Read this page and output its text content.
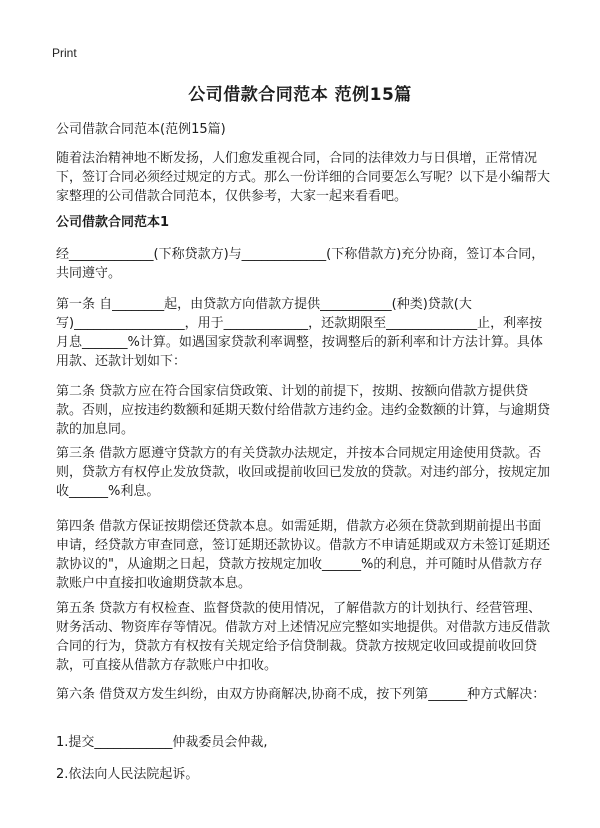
Print
公司借款合同范本 范例15篇

公司借款合同范本(范例15篇)

随着法治精神地不断发扬，人们愈发重视合同，合同的法律效力与日俱增，正常情况下，签订合同必须经过规定的方式。那么一份详细的合同要怎么写呢？以下是小编帮大家整理的公司借款合同范本，仅供参考，大家一起来看看吧。

公司借款合同范本1

经_____________(下称贷款方)与_____________(下称借款方)充分协商，签订本合同，共同遵守。

第一条 自________起，由贷款方向借款方提供___________(种类)贷款(大写)_________________，用于_____________，还款期限至______________止，利率按月息_______%计算。如遇国家贷款利率调整，按调整后的新利率和计方法计算。具体用款、还款计划如下：

第二条 贷款方应在符合国家信贷政策、计划的前提下，按期、按额向借款方提供贷款。否则，应按违约数额和延期天数付给借款方违约金。违约金数额的计算，与逾期贷款的加息同。

第三条 借款方愿遵守贷款方的有关贷款办法规定，并按本合同规定用途使用贷款。否则，贷款方有权停止发放贷款，收回或提前收回已发放的贷款。对违约部分，按规定加收______%利息。

第四条 借款方保证按期偿还贷款本息。如需延期，借款方必须在贷款到期前提出书面申请，经贷款方审查同意，签订延期还款协议。借款方不申请延期或双方未签订延期还款协议的"，从逾期之日起，贷款方按规定加收______%的利息，并可随时从借款方存款账户中直接扣收逾期贷款本息。

第五条 贷款方有权检查、监督贷款的使用情况，了解借款方的计划执行、经营管理、财务活动、物资库存等情况。借款方对上述情况应完整如实地提供。对借款方违反借款合同的行为，贷款方有权按有关规定给予信贷制裁。贷款方按规定收回或提前收回贷款，可直接从借款方存款账户中扣收。

第六条 借贷双方发生纠纷，由双方协商解决,协商不成，按下列第______种方式解决：

1.提交____________仲裁委员会仲裁,

2.依法向人民法院起诉。
